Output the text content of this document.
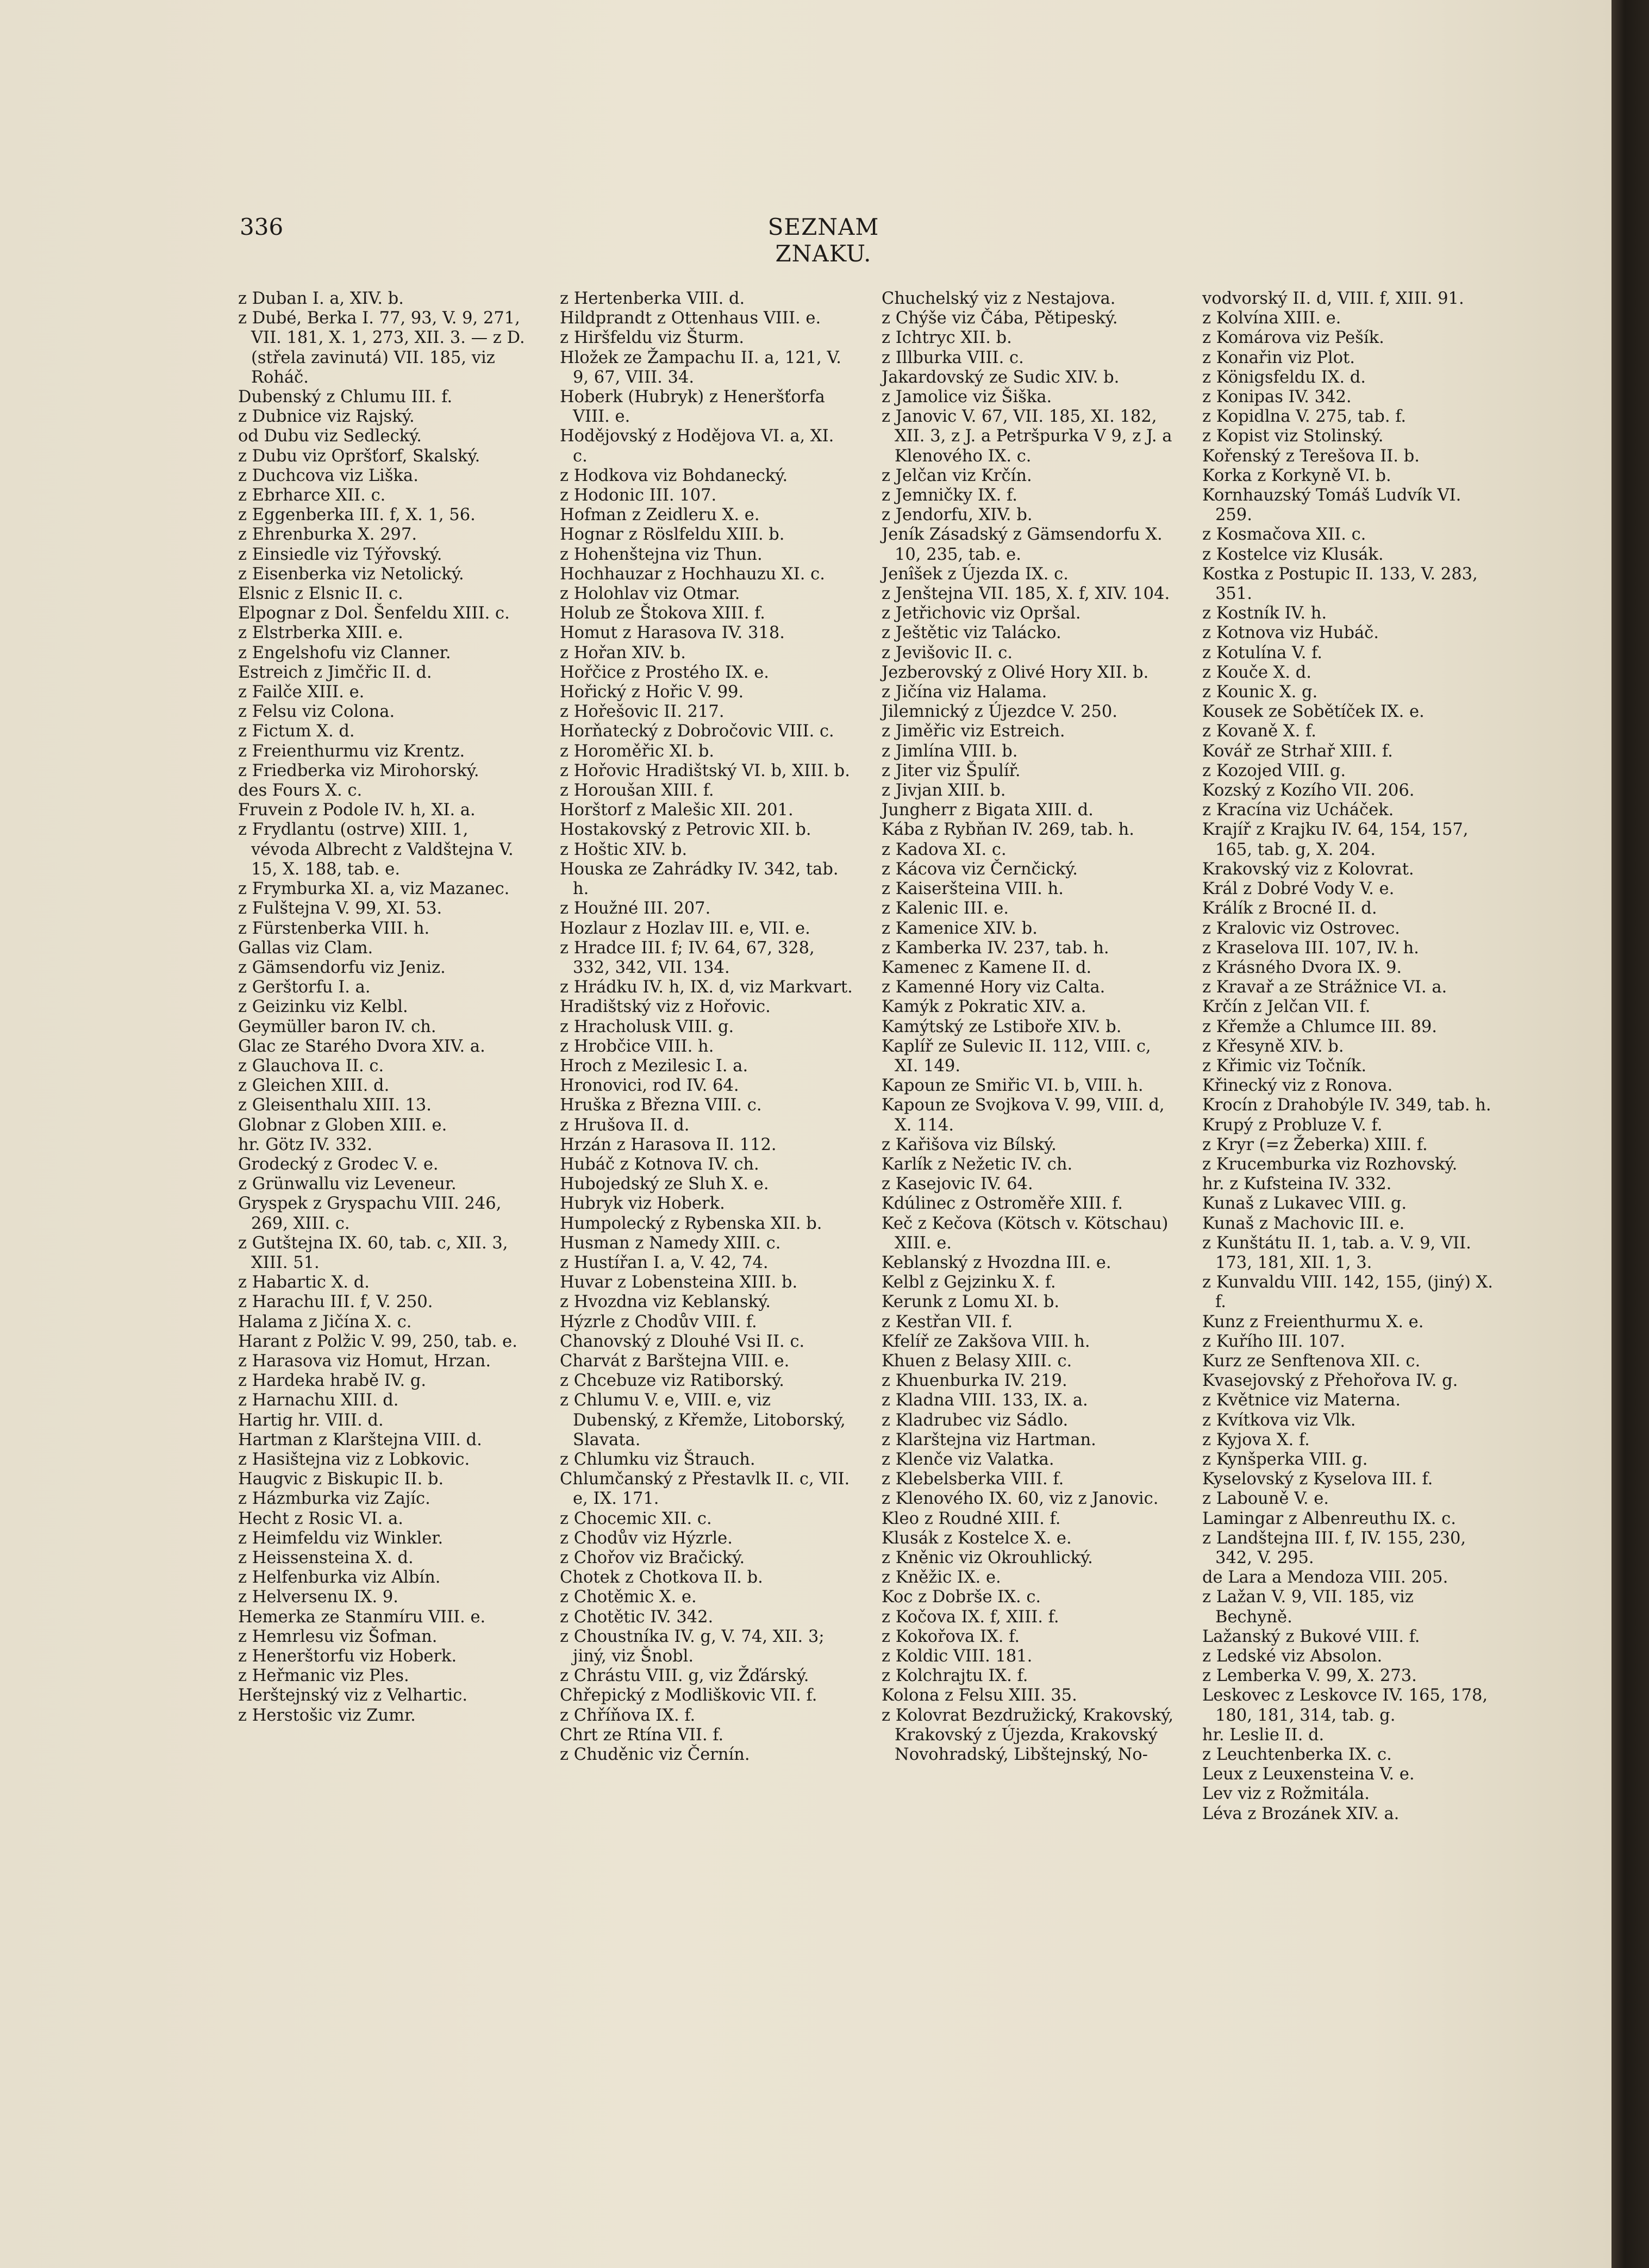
336	SEZNAM ZNAKU.

z Duban I. a, XIV. b.

z Dubé, Berka I. 77, 93, V. 9, 271, VII. 181, X. 1, 273, XII. 3. — z D. (střela zavinutá) VII. 185, viz Roháč.

Dubenský z Chlumu III. f.

z Dubnice viz Rajský.

od Dubu viz Sedlecký.

z Dubu viz Opršťorf, Skalský.

z Duchcova viz Liška.

z Ebrharce XII. c.

z Eggenberka III. f, X. 1, 56.

z Ehrenburka X. 297.

z Einsiedle viz Týřovský.

z Eisenberka viz Netolický.

Elsnic z Elsnic II. c.

Elpognar z Dol. Šenfeldu XIII. c.

z Elstrberka XIII. e.

z Engelshofu viz Clanner.

Estreich z Jimčřic II. d.

z Failče XIII. e.

z Felsu viz Colona.

z Fictum X. d.

z Freienthurmu viz Krentz.

z Friedberka viz Mirohorský.

des Fours X. c.

Fruvein z Podole IV. h, XI. a.

z Frydlantu (ostrve) XIII. 1, vévoda Albrecht z Valdštejna V. 15, X. 188, tab. e.

z Frymburka XI. a, viz Mazanec.

z Fulštejna V. 99, XI. 53.

z Fürstenberka VIII. h.

Gallas viz Clam.

z Gämsendorfu viz Jeniz.

z Gerštorfu I. a.

z Geizinku viz Kelbl.

Geymüller baron IV. ch.

Glac ze Starého Dvora XIV. a.

z Glauchova II. c.

z Gleichen XIII. d.

z Gleisenthalu XIII. 13.

Globnar z Globen XIII. e.

hr. Götz IV. 332.

Grodecký z Grodec V. e.

z Grünwallu viz Leveneur.

Gryspek z Gryspachu VIII. 246, 269, XIII. c.

z Gutštejna IX. 60, tab. c, XII. 3, XIII. 51.

z Habartic X. d.

z Harachu III. f, V. 250.

Halama z Jičína X. c.

Harant z Polžic V. 99, 250, tab. e.

z Harasova viz Homut, Hrzan.

z Hardeka hrabě IV. g.

z Harnachu XIII. d.

Hartig hr. VIII. d.

Hartman z Klarštejna VIII. d.

z Hasištejna viz z Lobkovic.

Haugvic z Biskupic II. b.

z Házmburka viz Zajíc.

Hecht z Rosic VI. a.

z Heimfeldu viz Winkler.

z Heissensteina X. d.

z Helfenburka viz Albín.

z Helversenu IX. 9.

Hemerka ze Stanmíru VIII. e.

z Hemrlesu viz Šofman.

z Henerštorfu viz Hoberk.

z Heřmanic viz Ples.

Herštejnský viz z Velhartic.

z Herstošic viz Zumr.

z Hertenberka VIII. d.

Hildprandt z Ottenhaus VIII. e.

z Hiršfeldu viz Šturm.

Hložek ze Žampachu II. a, 121, V. 9, 67, VIII. 34.

Hoberk (Hubryk) z Heneršťorfa VIII. e.

Hodějovský z Hodějova VI. a, XI. c.

z Hodkova viz Bohdanecký.

z Hodonic III. 107.

Hofman z Zeidleru X. e.

Hognar z Röslfeldu XIII. b.

z Hohenštejna viz Thun.

Hochhauzar z Hochhauzu XI. c.

z Holohlav viz Otmar.

Holub ze Štokova XIII. f.

Homut z Harasova IV. 318.

z Hořan XIV. b.

Hořčice z Prostého IX. e.

Hořický z Hořic V. 99.

z Hořešovic II. 217.

Horňatecký z Dobročovic VIII. c.

z Horoměřic XI. b.

z Hořovic Hradištský VI. b, XIII. b.

z Horoušan XIII. f.

Horštorf z Malešic XII. 201.

Hostakovský z Petrovic XII. b.

z Hoštic XIV. b.

Houska ze Zahrádky IV. 342, tab. h.

z Houžné III. 207.

Hozlaur z Hozlav III. e, VII. e.

z Hradce III. f; IV. 64, 67, 328, 332, 342, VII. 134.

z Hrádku IV. h, IX. d, viz Markvart.

Hradištský viz z Hořovic.

z Hracholusk VIII. g.

z Hrobčice VIII. h.

Hroch z Mezilesic I. a.

Hronovici, rod IV. 64.

Hruška z Března VIII. c.

z Hrušova II. d.

Hrzán z Harasova II. 112.

Hubáč z Kotnova IV. ch.

Hubojedský ze Sluh X. e.

Hubryk viz Hoberk.

Humpolecký z Rybenska XII. b.

Husman z Namedy XIII. c.

z Hustířan I. a, V. 42, 74.

Huvar z Lobensteina XIII. b.

z Hvozdna viz Keblanský.

Hýzrle z Chodův VIII. f.

Chanovský z Dlouhé Vsi II. c.

Charvát z Barštejna VIII. e.

z Chcebuze viz Ratiborský.

z Chlumu V. e, VIII. e, viz Dubenský, z Křemže, Litoborský, Slavata.

z Chlumku viz Štrauch.

Chlumčanský z Přestavlk II. c, VII. e, IX. 171.

z Chocemic XII. c.

z Chodův viz Hýzrle.

z Chořov viz Bračický.

Chotek z Chotkova II. b.

z Chotěmic X. e.

z Chotětic IV. 342.

z Choustníka IV. g, V. 74, XII. 3; jiný, viz Šnobl.

z Chrástu VIII. g, viz Žďárský.

Chřepický z Modliškovic VII. f.

z Chříňova IX. f.

Chrt ze Rtína VII. f.

z Chuděnic viz Černín.

Chuchelský viz z Nestajova.

z Chýše viz Čába, Pětipeský.

z Ichtryc XII. b.

z Illburka VIII. c.

Jakardovský ze Sudic XIV. b.

z Jamolice viz Šiška.

z Janovic V. 67, VII. 185, XI. 182, XII. 3, z J. a Petršpurka V 9, z J. a Klenového IX. c.

z Jelčan viz Krčín.

z Jemničky IX. f.

z Jendorfu, XIV. b.

Jeník Zásadský z Gämsendorfu X. 10, 235, tab. e.

Jenîšek z Újezda IX. c.

z Jenštejna VII. 185, X. f, XIV. 104.

z Jetřichovic viz Opršal.

z Ještětic viz Talácko.

z Jevišovic II. c.

Jezberovský z Olivé Hory XII. b.

z Jičína viz Halama.

Jilemnický z Újezdce V. 250.

z Jiměřic viz Estreich.

z Jimlína VIII. b.

z Jiter viz Špulíř.

z Jivjan XIII. b.

Jungherr z Bigata XIII. d.

Kába z Rybňan IV. 269, tab. h.

z Kadova XI. c.

z Kácova viz Černčický.

z Kaiseršteina VIII. h.

z Kalenic III. e.

z Kamenice XIV. b.

z Kamberka IV. 237, tab. h.

Kamenec z Kamene II. d.

z Kamenné Hory viz Calta.

Kamýk z Pokratic XIV. a.

Kamýtský ze Lstiboře XIV. b.

Kaplíř ze Sulevic II. 112, VIII. c, XI. 149.

Kapoun ze Smiřic VI. b, VIII. h.

Kapoun ze Svojkova V. 99, VIII. d, X. 114.

z Kařišova viz Bílský.

Karlík z Nežetic IV. ch.

z Kasejovic IV. 64.

Kdúlinec z Ostroměře XIII. f.

Keč z Kečova (Kötsch v. Kötschau) XIII. e.

Keblanský z Hvozdna III. e.

Kelbl z Gejzinku X. f.

Kerunk z Lomu XI. b.

z Kestřan VII. f.

Kfelíř ze Zakšova VIII. h.

Khuen z Belasy XIII. c.

z Khuenburka IV. 219.

z Kladna VIII. 133, IX. a.

z Kladrubec viz Sádlo.

z Klarštejna viz Hartman.

z Klenče viz Valatka.

z Klebelsberka VIII. f.

z Klenového IX. 60, viz z Janovic.

Kleo z Roudné XIII. f.

Klusák z Kostelce X. e.

z Kněnic viz Okrouhlický.

z Kněžic IX. e.

Koc z Dobrše IX. c.

z Kočova IX. f, XIII. f.

z Kokořova IX. f.

z Koldic VIII. 181.

z Kolchrajtu IX. f.

Kolona z Felsu XIII. 35.

z Kolovrat Bezdružický, Krakovský, Krakovský z Újezda, Krakovský Novohradský, Libštejnský, No-

vodvorský II. d, VIII. f, XIII. 91.

z Kolvína XIII. e.

z Komárova viz Pešík.

z Konařin viz Plot.

z Königsfeldu IX. d.

z Konipas IV. 342.

z Kopidlna V. 275, tab. f.

z Kopist viz Stolinský.

Kořenský z Terešova II. b.

Korka z Korkyně VI. b.

Kornhauzský Tomáš Ludvík VI. 259.

z Kosmačova XII. c.

z Kostelce viz Klusák.

Kostka z Postupic II. 133, V. 283, 351.

z Kostník IV. h.

z Kotnova viz Hubáč.

z Kotulína V. f.

z Kouče X. d.

z Kounic X. g.

Kousek ze Sobětíček IX. e.

z Kovaně X. f.

Kovář ze Strhař XIII. f.

z Kozojed VIII. g.

Kozský z Kozího VII. 206.

z Kracína viz Ucháček.

Krajíř z Krajku IV. 64, 154, 157, 165, tab. g, X. 204.

Krakovský viz z Kolovrat.

Král z Dobré Vody V. e.

Králík z Brocné II. d.

z Kralovic viz Ostrovec.

z Kraselova III. 107, IV. h.

z Krásného Dvora IX. 9.

z Kravař a ze Strážnice VI. a.

Krčín z Jelčan VII. f.

z Křemže a Chlumce III. 89.

z Křesyně XIV. b.

z Křimic viz Točník.

Křinecký viz z Ronova.

Krocín z Drahobýle IV. 349, tab. h.

Krupý z Probluze V. f.

z Kryr (=z Žeberka) XIII. f.

z Krucemburka viz Rozhovský.

hr. z Kufsteina IV. 332.

Kunaš z Lukavec VIII. g.

Kunaš z Machovic III. e.

z Kunštátu II. 1, tab. a. V. 9, VII. 173, 181, XII. 1, 3.

z Kunvaldu VIII. 142, 155, (jiný) X. f.

Kunz z Freienthurmu X. e.

z Kuřího III. 107.

Kurz ze Senftenova XII. c.

Kvasejovský z Přehořova IV. g.

z Květnice viz Materna.

z Kvítkova viz Vlk.

z Kyjova X. f.

z Kynšperka VIII. g.

Kyselovský z Kyselova III. f.

z Labouně V. e.

Lamingar z Albenreuthu IX. c.

z Landštejna III. f, IV. 155, 230, 342, V. 295.

de Lara a Mendoza VIII. 205.

z Lažan V. 9, VII. 185, viz Bechyně.

Lažanský z Bukové VIII. f.

z Ledské viz Absolon.

z Lemberka V. 99, X. 273.

Leskovec z Leskovce IV. 165, 178, 180, 181, 314, tab. g.

hr. Leslie II. d.

z Leuchtenberka IX. c.

Leux z Leuxensteina V. e.

Lev viz z Rožmitála.

Léva z Brozánek XIV. a.
